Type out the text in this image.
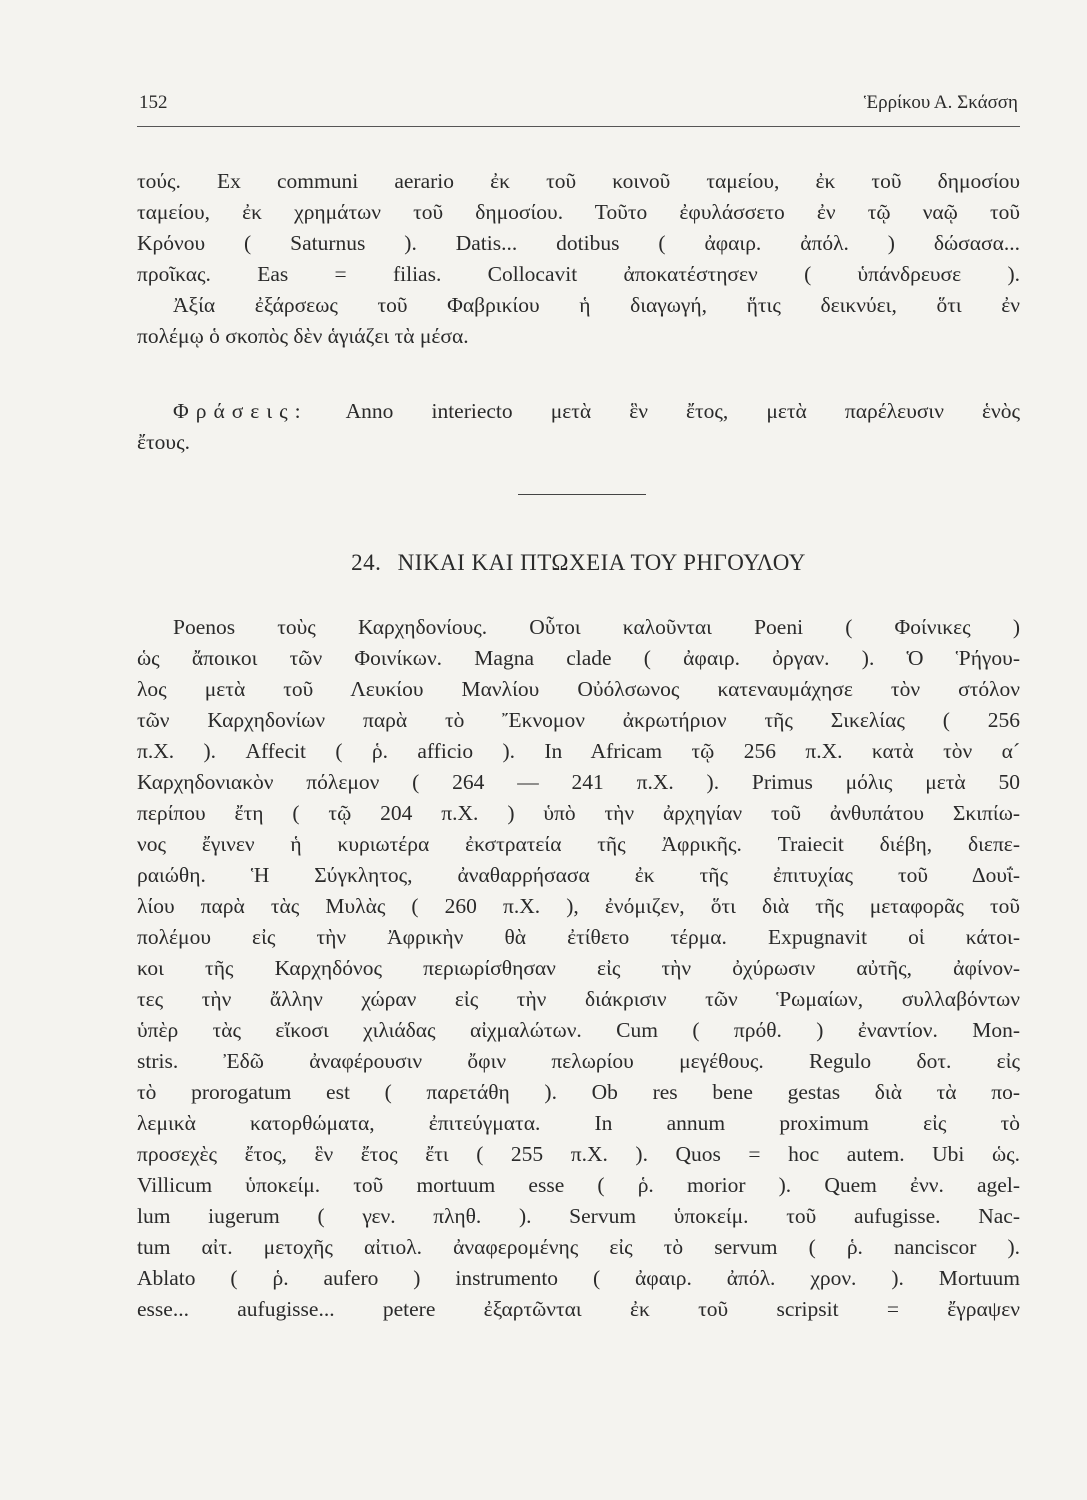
152	Ἑρρίκου Α. Σκάσση
τούς. Ex communi aerario ἐκ τοῦ κοινοῦ ταμείου, ἐκ τοῦ δημοσίου
ταμείου, ἐκ χρημάτων τοῦ δημοσίου. Τοῦτο ἐφυλάσσετο ἐν τῷ ναῷ τοῦ
Κρόνου ( Saturnus ). Datis... dotibus ( ἀφαιρ. ἀπόλ. ) δώσασα...
προῖκας. Eas = filias. Collocavit ἀποκατέστησεν ( ὑπάνδρευσε ).
Ἀξία ἐξάρσεως τοῦ Φαβρικίου ἡ διαγωγή, ἥτις δεικνύει, ὅτι ἐν
πολέμῳ ὁ σκοπὸς δὲν ἁγιάζει τὰ μέσα.
Φράσεις: Anno interiecto μετὰ ἓν ἔτος, μετὰ παρέλευσιν ἑνὸς
ἔτους.
24. ΝΙΚΑΙ ΚΑΙ ΠΤΩΧΕΙΑ ΤΟΥ ΡΗΓΟΥΛΟΥ
Poenos τοὺς Καρχηδονίους. Οὗτοι καλοῦνται Poeni ( Φοίνικες )
ὡς ἄποικοι τῶν Φοινίκων. Magna clade ( ἀφαιρ. ὀργαν. ). Ὁ Ῥήγου-
λος μετὰ τοῦ Λευκίου Μανλίου Οὐόλσωνος κατεναυμάχησε τὸν στόλον
τῶν Καρχηδονίων παρὰ τὸ Ἔκνομον ἀκρωτήριον τῆς Σικελίας ( 256
π.Χ. ). Affecit ( ῥ. afficio ). In Africam τῷ 256 π.Χ. κατὰ τὸν α´
Καρχηδονιακὸν πόλεμον ( 264 — 241 π.Χ. ). Primus μόλις μετὰ 50
περίπου ἔτη ( τῷ 204 π.Χ. ) ὑπὸ τὴν ἀρχηγίαν τοῦ ἀνθυπάτου Σκιπίω-
νος ἔγινεν ἡ κυριωτέρα ἐκστρατεία τῆς Ἀφρικῆς. Traiecit διέβη, διεπε-
ραιώθη. Ἡ Σύγκλητος, ἀναθαρρήσασα ἐκ τῆς ἐπιτυχίας τοῦ Δουΐ-
λίου παρὰ τὰς Μυλὰς ( 260 π.Χ. ), ἐνόμιζεν, ὅτι διὰ τῆς μεταφορᾶς τοῦ
πολέμου εἰς τὴν Ἀφρικὴν θὰ ἐτίθετο τέρμα. Expugnavit οἱ κάτοι-
κοι τῆς Καρχηδόνος περιωρίσθησαν εἰς τὴν ὀχύρωσιν αὐτῆς, ἀφίνον-
τες τὴν ἄλλην χώραν εἰς τὴν διάκρισιν τῶν Ῥωμαίων, συλλαβόντων
ὑπὲρ τὰς εἴκοσι χιλιάδας αἰχμαλώτων. Cum ( πρόθ. ) ἐναντίον. Mon-
stris. Ἐδῶ ἀναφέρουσιν ὄφιν πελωρίου μεγέθους. Regulo δοτ. εἰς
τὸ prorogatum est ( παρετάθη ). Ob res bene gestas διὰ τὰ πο-
λεμικὰ κατορθώματα, ἐπιτεύγματα. In annum proximum εἰς τὸ
προσεχὲς ἔτος, ἓν ἔτος ἔτι ( 255 π.Χ. ). Quos = hoc autem. Ubi ὡς.
Villicum ὑποκείμ. τοῦ mortuum esse ( ῥ. morior ). Quem ἐνν. agel-
lum iugerum ( γεν. πληθ. ). Servum ὑποκείμ. τοῦ aufugisse. Nac-
tum αἰτ. μετοχῆς αἰτιολ. ἀναφερομένης εἰς τὸ servum ( ῥ. nanciscor ).
Ablato ( ῥ. aufero ) instrumento ( ἀφαιρ. ἀπόλ. χρον. ). Mortuum
esse... aufugisse... petere ἐξαρτῶνται ἐκ τοῦ scripsit = ἔγραψεν
